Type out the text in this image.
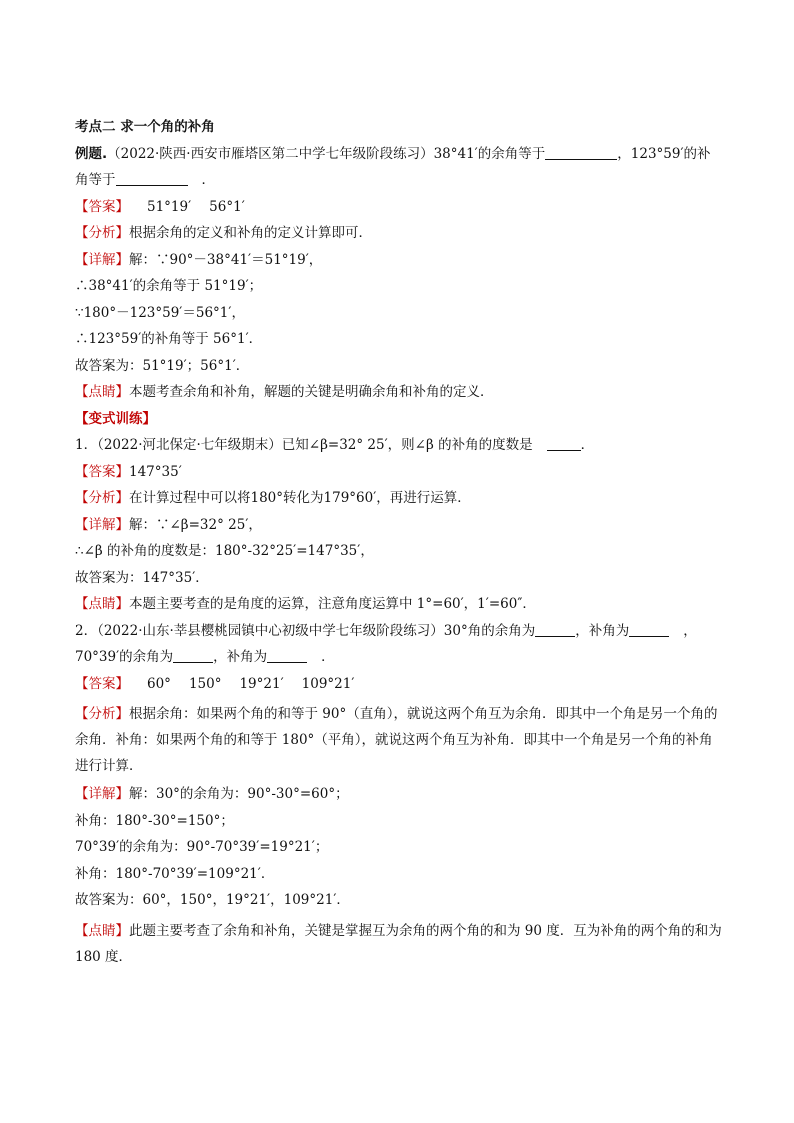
考点二 求一个角的补角
例题.（2022·陕西·西安市雁塔区第二中学七年级阶段练习）38°41′的余角等于	，123°59′的补
角等于	．
【答案】 51°19′ 56°1′
【分析】根据余角的定义和补角的定义计算即可．
【详解】解：∵90°－38°41′＝51°19′，
∴38°41′的余角等于 51°19′；
∵180°－123°59′＝56°1′，
∴123°59′的补角等于 56°1′．
故答案为：51°19′；56°1′．
【点睛】本题考查余角和补角，解题的关键是明确余角和补角的定义．
【变式训练】
1．（2022·河北保定·七年级期末）已知∠β=32° 25′，则∠β 的补角的度数是	．
【答案】147°35′
【分析】在计算过程中可以将180°转化为179°60′，再进行运算．
【详解】解：∵∠β=32° 25′，
∴∠β 的补角的度数是：180°-32°25′=147°35′，
故答案为：147°35′．
【点睛】本题主要考查的是角度的运算，注意角度运算中 1°=60′，1′=60″．
2．（2022·山东·莘县樱桃园镇中心初级中学七年级阶段练习）30°角的余角为	，补角为	，
70°39′的余角为	，补角为	．
【答案】 60° 150° 19°21′ 109°21′
【分析】根据余角：如果两个角的和等于 90°（直角），就说这两个角互为余角．即其中一个角是另一个角的余角．补角：如果两个角的和等于 180°（平角），就说这两个角互为补角．即其中一个角是另一个角的补角进行计算．
【详解】解：30°的余角为：90°-30°=60°；
补角：180°-30°=150°；
70°39′的余角为：90°-70°39′=19°21′；
补角：180°-70°39′=109°21′．
故答案为：60°，150°，19°21′，109°21′．
【点睛】此题主要考查了余角和补角，关键是掌握互为余角的两个角的和为 90 度．互为补角的两个角的和为 180 度．
